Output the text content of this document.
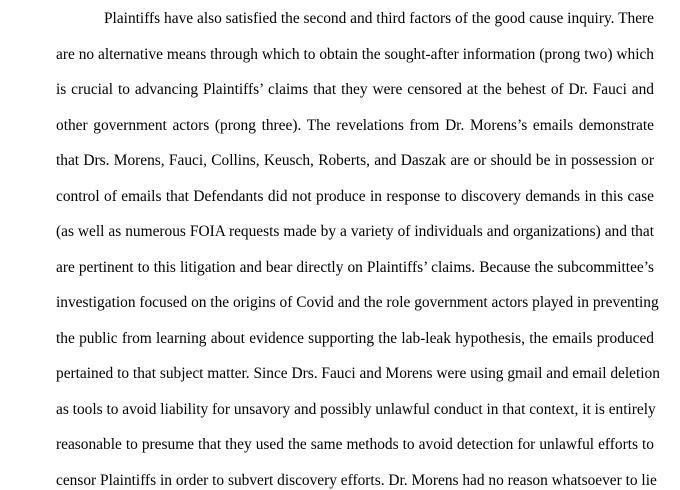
Plaintiffs have also satisfied the second and third factors of the good cause inquiry. There
are no alternative means through which to obtain the sought-after information (prong two) which
is crucial to advancing Plaintiffs’ claims that they were censored at the behest of Dr. Fauci and
other government actors (prong three). The revelations from Dr. Morens’s emails demonstrate
that Drs. Morens, Fauci, Collins, Keusch, Roberts, and Daszak are or should be in possession or
control of emails that Defendants did not produce in response to discovery demands in this case
(as well as numerous FOIA requests made by a variety of individuals and organizations) and that
are pertinent to this litigation and bear directly on Plaintiffs’ claims. Because the subcommittee’s
investigation focused on the origins of Covid and the role government actors played in preventing
the public from learning about evidence supporting the lab-leak hypothesis, the emails produced
pertained to that subject matter. Since Drs. Fauci and Morens were using gmail and email deletion
as tools to avoid liability for unsavory and possibly unlawful conduct in that context, it is entirely
reasonable to presume that they used the same methods to avoid detection for unlawful efforts to
censor Plaintiffs in order to subvert discovery efforts. Dr. Morens had no reason whatsoever to lie
